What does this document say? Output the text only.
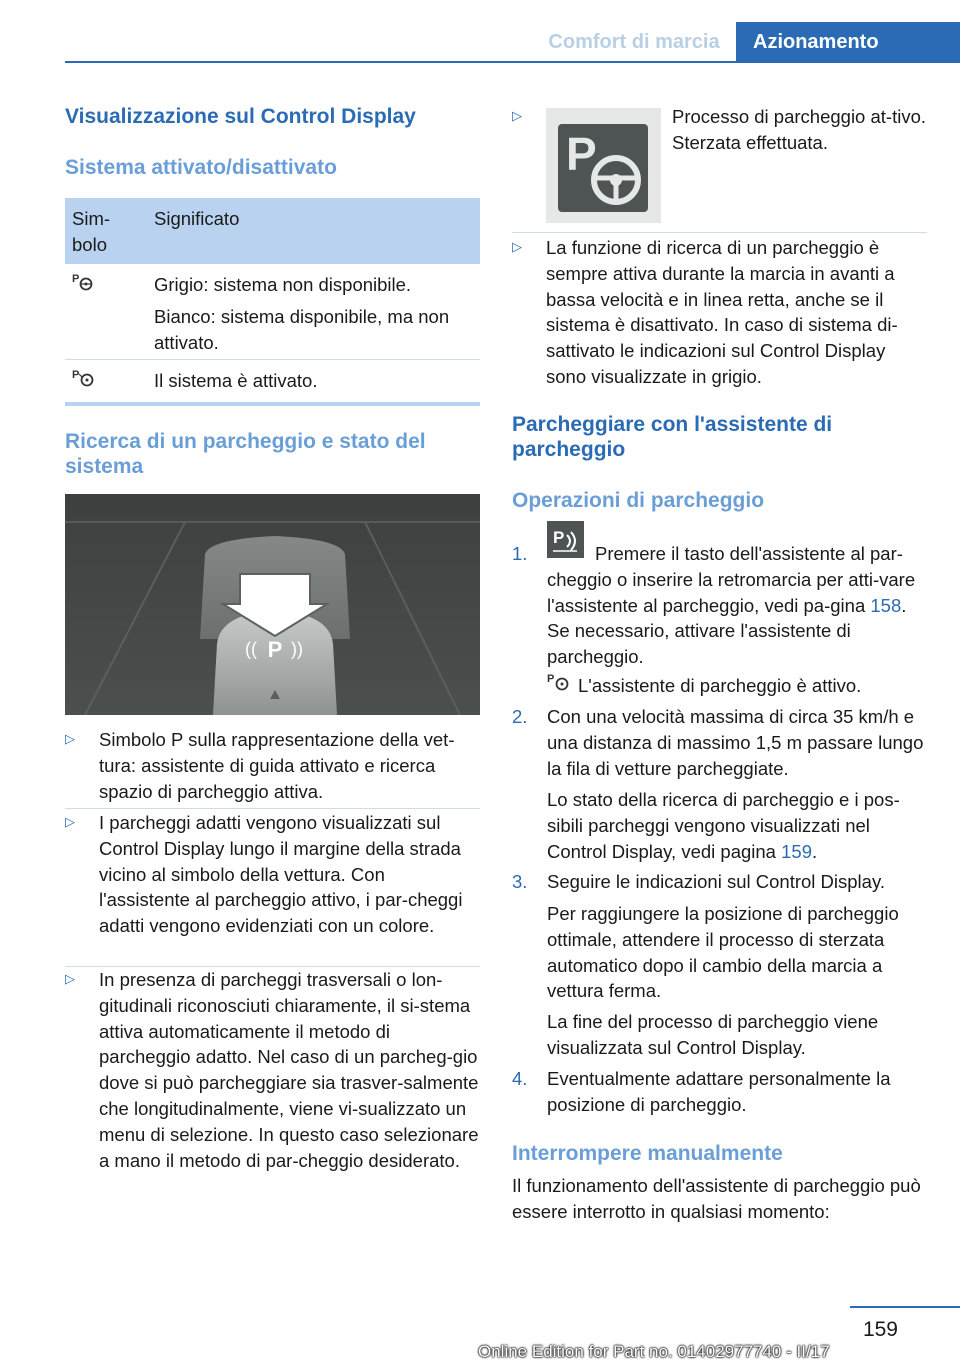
Comfort di marcia	Azionamento
Visualizzazione sul Control Display
Sistema attivato/disattivato
Sim-
bolo
Significato
P	Grigio: sistema non disponibile.
Bianco: sistema disponibile, ma non attivato.
P	Il sistema è attivato.
Ricerca di un parcheggio e stato del sistema
P
(( ))
▷ Simbolo P sulla rappresentazione della vet-tura: assistente di guida attivato e ricerca spazio di parcheggio attiva.
▷ I parcheggi adatti vengono visualizzati sul Control Display lungo il margine della strada vicino al simbolo della vettura. Con l'assistente al parcheggio attivo, i par-cheggi adatti vengono evidenziati con un colore.
▷ In presenza di parcheggi trasversali o lon-gitudinali riconosciuti chiaramente, il si-stema attiva automaticamente il metodo di parcheggio adatto. Nel caso di un parcheg-gio dove si può parcheggiare sia trasver-salmente che longitudinalmente, viene vi-sualizzato un menu di selezione. In questo caso selezionare a mano il metodo di par-cheggio desiderato.
▷
P
Processo di parcheggio at-tivo. Sterzata effettuata.
▷ La funzione di ricerca di un parcheggio è sempre attiva durante la marcia in avanti a bassa velocità e in linea retta, anche se il sistema è disattivato. In caso di sistema di-sattivato le indicazioni sul Control Display sono visualizzate in grigio.
Parcheggiare con l'assistente di parcheggio
Operazioni di parcheggio
1.
P
Premere il tasto dell'assistente al par-cheggio o inserire la retromarcia per atti-vare l'assistente al parcheggio, vedi pa-gina 158. Se necessario, attivare l'assistente di parcheggio.
P L'assistente di parcheggio è attivo.
2. Con una velocità massima di circa 35 km/h e una distanza di massimo 1,5 m passare lungo la fila di vetture parcheggiate.
Lo stato della ricerca di parcheggio e i pos-sibili parcheggi vengono visualizzati nel Control Display, vedi pagina 159.
3. Seguire le indicazioni sul Control Display.
Per raggiungere la posizione di parcheggio ottimale, attendere il processo di sterzata automatico dopo il cambio della marcia a vettura ferma.
La fine del processo di parcheggio viene visualizzata sul Control Display.
4. Eventualmente adattare personalmente la posizione di parcheggio.
Interrompere manualmente
Il funzionamento dell'assistente di parcheggio può essere interrotto in qualsiasi momento:
159
Online Edition for Part no. 01402977740 - II/17
